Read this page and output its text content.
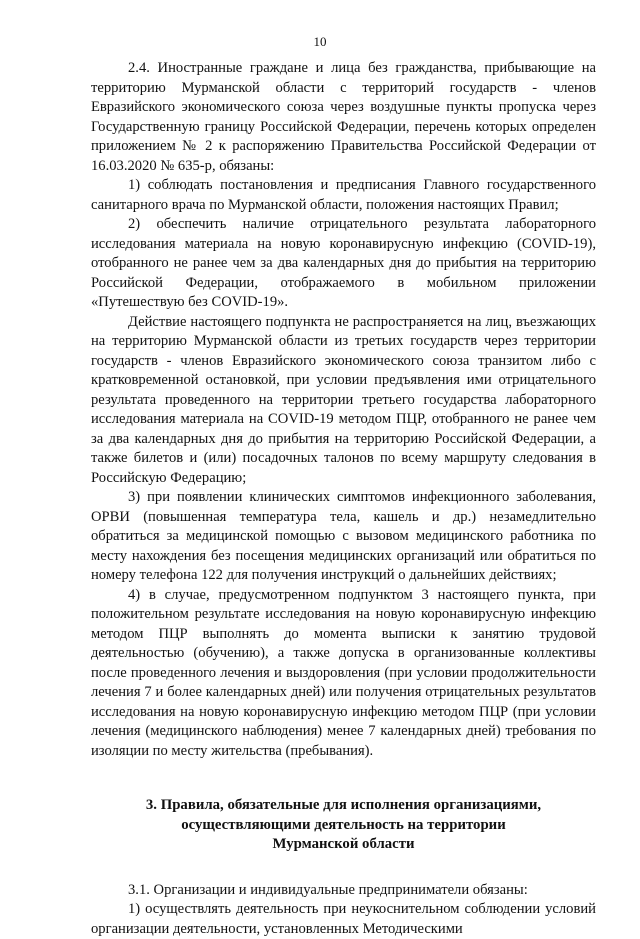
10

2.4. Иностранные граждане и лица без гражданства, прибывающие на территорию Мурманской области с территорий государств - членов Евразийского экономического союза через воздушные пункты пропуска через Государственную границу Российской Федерации, перечень которых определен приложением № 2 к распоряжению Правительства Российской Федерации от 16.03.2020 № 635-р, обязаны:

1) соблюдать постановления и предписания Главного государственного санитарного врача по Мурманской области, положения настоящих Правил;

2) обеспечить наличие отрицательного результата лабораторного исследования материала на новую коронавирусную инфекцию (COVID-19), отобранного не ранее чем за два календарных дня до прибытия на территорию Российской Федерации, отображаемого в мобильном приложении «Путешествую без COVID-19».

Действие настоящего подпункта не распространяется на лиц, въезжающих на территорию Мурманской области из третьих государств через территории государств - членов Евразийского экономического союза транзитом либо с кратковременной остановкой, при условии предъявления ими отрицательного результата проведенного на территории третьего государства лабораторного исследования материала на COVID-19 методом ПЦР, отобранного не ранее чем за два календарных дня до прибытия на территорию Российской Федерации, а также билетов и (или) посадочных талонов по всему маршруту следования в Российскую Федерацию;

3) при появлении клинических симптомов инфекционного заболевания, ОРВИ (повышенная температура тела, кашель и др.) незамедлительно обратиться за медицинской помощью с вызовом медицинского работника по месту нахождения без посещения медицинских организаций или обратиться по номеру телефона 122 для получения инструкций о дальнейших действиях;

4) в случае, предусмотренном подпунктом 3 настоящего пункта, при положительном результате исследования на новую коронавирусную инфекцию методом ПЦР выполнять до момента выписки к занятию трудовой деятельностью (обучению), а также допуска в организованные коллективы после проведенного лечения и выздоровления (при условии продолжительности лечения 7 и более календарных дней) или получения отрицательных результатов исследования на новую коронавирусную инфекцию методом ПЦР (при условии лечения (медицинского наблюдения) менее 7 календарных дней) требования по изоляции по месту жительства (пребывания).

3. Правила, обязательные для исполнения организациями,
осуществляющими деятельность на территории
Мурманской области

3.1. Организации и индивидуальные предприниматели обязаны:

1) осуществлять деятельность при неукоснительном соблюдении условий организации деятельности, установленных Методическими
